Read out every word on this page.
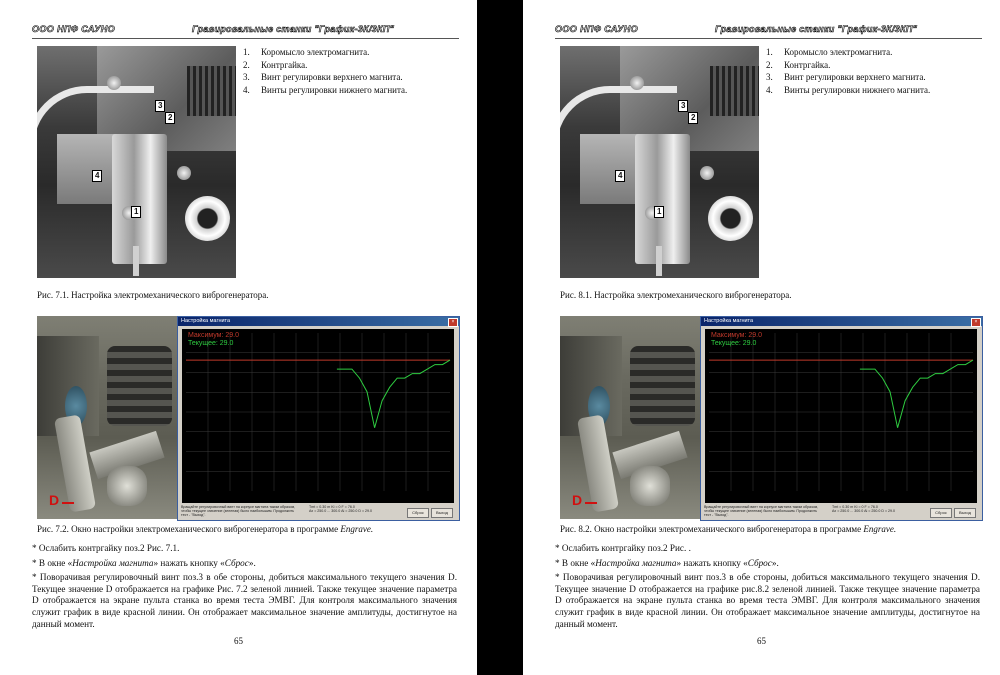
ООО НПФ САУНО	Гравировальные станки "График-3К/3КП"
3
2
4
1
1. Коромысло электромагнита.
2. Контргайка.
3. Винт регулировки верхнего магнита.
4. Винты регулировки нижнего магнита.
Рис. 7.1. Настройка электромеханического виброгенератора.
D
Настройка магнита	×
Максимум: 29.0
Текущее: 29.0
Вращайте регулировочный винт на корпусе магнита таким образом, чтобы текущее значение (зеленая) было наибольшим. Продолжить тест - "Выход".
Tmt = 0.30 m Ki = 0 F = 76.0
Ax = 250.0 ... 300.0 Ai = 250.0 D = 29.0	Сброс	Выход
Рис. 7.2. Окно настройки электромеханического виброгенератора в программе Engrave.

* Ослабить контргайку поз.2 Рис. 7.1.

* В окне «Настройка магнита» нажать кнопку «Сброс».

* Поворачивая регулировочный винт поз.3 в обе стороны, добиться максимального текущего значения D. Текущее значение D отображается на графике Рис. 7.2 зеленой линией. Также текущее значение параметра D отображается на экране пульта станка во время теста ЭМВГ. Для контроля максимального значения служит график в виде красной линии. Он отображает максимальное значение амплитуды, достигнутое на данный момент.

65
ООО НПФ САУНО	Гравировальные станки "График-3К/3КП"
3
2
4
1
1. Коромысло электромагнита.
2. Контргайка.
3. Винт регулировки верхнего магнита.
4. Винты регулировки нижнего магнита.
Рис. 8.1. Настройка электромеханического виброгенератора.
D
Настройка магнита	×
Максимум: 29.0
Текущее: 29.0
Вращайте регулировочный винт на корпусе магнита таким образом, чтобы текущее значение (зеленая) было наибольшим. Продолжить тест - "Выход".
Tmt = 0.30 m Ki = 0 F = 76.0
Ax = 250.0 ... 300.0 Ai = 250.0 D = 29.0	Сброс	Выход
Рис. 8.2. Окно настройки электромеханического виброгенератора в программе Engrave.

* Ослабить контргайку поз.2 Рис. .

* В окне «Настройка магнита» нажать кнопку «Сброс».

* Поворачивая регулировочный винт поз.3 в обе стороны, добиться максимального текущего значения D. Текущее значение D отображается на графике рис.8.2 зеленой линией. Также текущее значение параметра D отображается на экране пульта станка во время теста ЭМВГ. Для контроля максимального значения служит график в виде красной линии. Он отображает максимальное значение амплитуды, достигнутое на данный момент.

65
